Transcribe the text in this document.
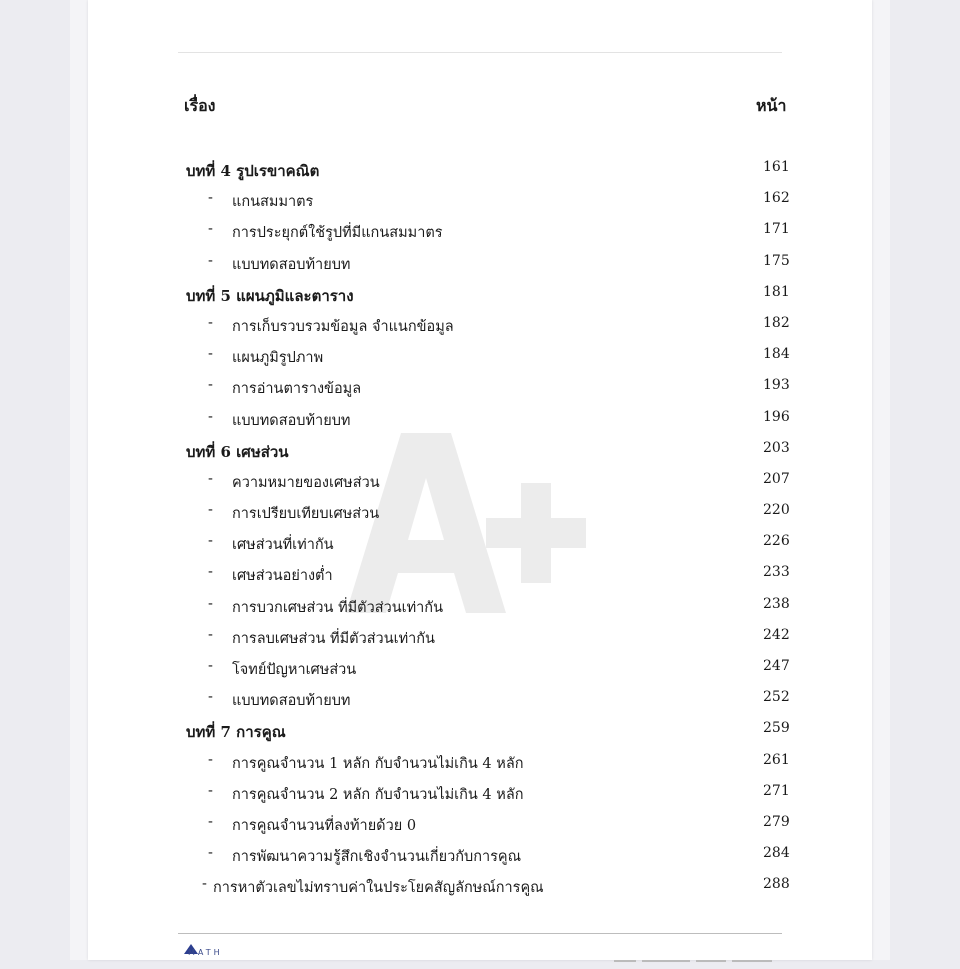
เรื่อง	หน้า
บทที่ 4 รูปเรขาคณิต	161
- แกนสมมาตร	162
- การประยุกต์ใช้รูปที่มีแกนสมมาตร	171
- แบบทดสอบท้ายบท	175
บทที่ 5 แผนภูมิและตาราง	181
- การเก็บรวบรวมข้อมูล จำแนกข้อมูล	182
- แผนภูมิรูปภาพ	184
- การอ่านตารางข้อมูล	193
- แบบทดสอบท้ายบท	196
บทที่ 6 เศษส่วน	203
- ความหมายของเศษส่วน	207
- การเปรียบเทียบเศษส่วน	220
- เศษส่วนที่เท่ากัน	226
- เศษส่วนอย่างต่ำ	233
- การบวกเศษส่วน ที่มีตัวส่วนเท่ากัน	238
- การลบเศษส่วน ที่มีตัวส่วนเท่ากัน	242
- โจทย์ปัญหาเศษส่วน	247
- แบบทดสอบท้ายบท	252
บทที่ 7 การคูณ	259
- การคูณจำนวน 1 หลัก กับจำนวนไม่เกิน 4 หลัก	261
- การคูณจำนวน 2 หลัก กับจำนวนไม่เกิน 4 หลัก	271
- การคูณจำนวนที่ลงท้ายด้วย 0	279
- การพัฒนาความรู้สึกเชิงจำนวนเกี่ยวกับการคูณ	284
- การหาตัวเลขไม่ทราบค่าในประโยคสัญลักษณ์การคูณ	288
MATH
